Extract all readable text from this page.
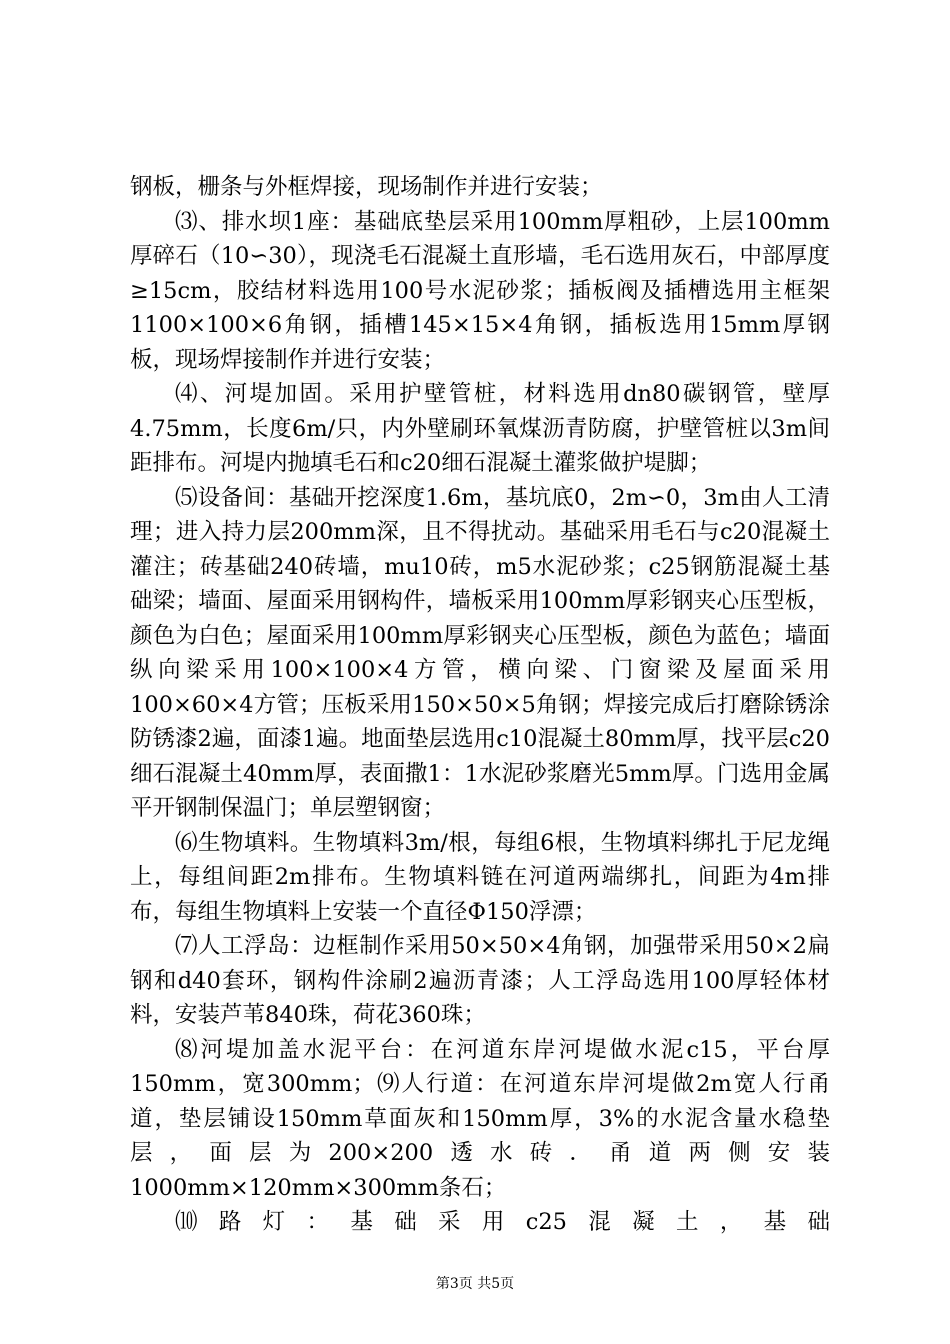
钢板，栅条与外框焊接，现场制作并进行安装；

⑶、排水坝1座：基础底垫层采用100mm厚粗砂，上层100mm厚碎石（10∽30），现浇毛石混凝土直形墙，毛石选用灰石，中部厚度≥15cm，胶结材料选用100号水泥砂浆；插板阀及插槽选用主框架1100×100×6角钢，插槽145×15×4角钢，插板选用15mm厚钢板，现场焊接制作并进行安装；

⑷、河堤加固。采用护壁管桩，材料选用dn80碳钢管，壁厚4.75mm，长度6m/只，内外壁刷环氧煤沥青防腐，护壁管桩以3m间距排布。河堤内抛填毛石和c20细石混凝土灌浆做护堤脚；

⑸设备间：基础开挖深度1.6m，基坑底0，2m∽0，3m由人工清理；进入持力层200mm深，且不得扰动。基础采用毛石与c20混凝土灌注；砖基础240砖墙，mu10砖，m5水泥砂浆；c25钢筋混凝土基础梁；墙面、屋面采用钢构件，墙板采用100mm厚彩钢夹心压型板，颜色为白色；屋面采用100mm厚彩钢夹心压型板，颜色为蓝色；墙面纵向梁采用100×100×4方管，横向梁、门窗梁及屋面采用100×60×4方管；压板采用150×50×5角钢；焊接完成后打磨除锈涂防锈漆2遍，面漆1遍。地面垫层选用c10混凝土80mm厚，找平层c20细石混凝土40mm厚，表面撒1：1水泥砂浆磨光5mm厚。门选用金属平开钢制保温门；单层塑钢窗；

⑹生物填料。生物填料3m/根，每组6根，生物填料绑扎于尼龙绳上，每组间距2m排布。生物填料链在河道两端绑扎，间距为4m排布，每组生物填料上安装一个直径Φ150浮漂；

⑺人工浮岛：边框制作采用50×50×4角钢，加强带采用50×2扁钢和d40套环，钢构件涂刷2遍沥青漆；人工浮岛选用100厚轻体材料，安装芦苇840珠，荷花360珠；

⑻河堤加盖水泥平台：在河道东岸河堤做水泥c15，平台厚150mm，宽300mm；⑼人行道：在河道东岸河堤做2m宽人行甬道，垫层铺设150mm草面灰和150mm厚，3%的水泥含量水稳垫层，面层为200×200透水砖．甬道两侧安装1000mm×120mm×300mm条石；

⑽路灯：基础采用c25混凝土，基础

第3页 共5页
